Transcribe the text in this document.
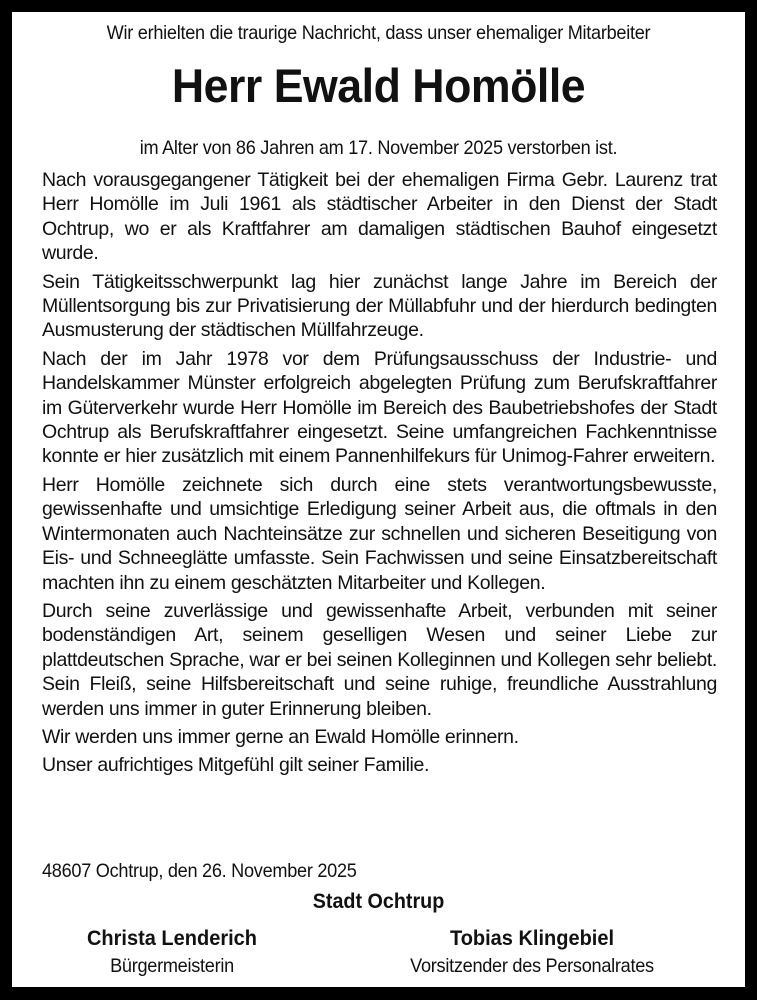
Wir erhielten die traurige Nachricht, dass unser ehemaliger Mitarbeiter
Herr Ewald Homölle
im Alter von 86 Jahren am 17. November 2025 verstorben ist.

Nach vorausgegangener Tätigkeit bei der ehemaligen Firma Gebr. Laurenz trat Herr Homölle im Juli 1961 als städtischer Arbeiter in den Dienst der Stadt Ochtrup, wo er als Kraftfahrer am damaligen städtischen Bauhof eingesetzt wurde.

Sein Tätigkeitsschwerpunkt lag hier zunächst lange Jahre im Bereich der Müllentsorgung bis zur Privatisierung der Müllabfuhr und der hierdurch bedingten Ausmusterung der städtischen Müllfahrzeuge.

Nach der im Jahr 1978 vor dem Prüfungsausschuss der Industrie- und Handelskammer Münster erfolgreich abgelegten Prüfung zum Berufskraftfahrer im Güterverkehr wurde Herr Homölle im Bereich des Baubetriebshofes der Stadt Ochtrup als Berufskraftfahrer eingesetzt. Seine umfangreichen Fachkenntnisse konnte er hier zusätzlich mit einem Pannenhilfekurs für Unimog-Fahrer erweitern.

Herr Homölle zeichnete sich durch eine stets verantwortungsbewusste, gewissenhafte und umsichtige Erledigung seiner Arbeit aus, die oftmals in den Wintermonaten auch Nachteinsätze zur schnellen und sicheren Beseitigung von Eis- und Schneeglätte umfasste. Sein Fachwissen und seine Einsatzbereitschaft machten ihn zu einem geschätzten Mitarbeiter und Kollegen.

Durch seine zuverlässige und gewissenhafte Arbeit, verbunden mit seiner bodenständigen Art, seinem geselligen Wesen und seiner Liebe zur plattdeutschen Sprache, war er bei seinen Kolleginnen und Kollegen sehr beliebt. Sein Fleiß, seine Hilfsbereitschaft und seine ruhige, freundliche Ausstrahlung werden uns immer in guter Erinnerung bleiben.

Wir werden uns immer gerne an Ewald Homölle erinnern.

Unser aufrichtiges Mitgefühl gilt seiner Familie.

48607 Ochtrup, den 26. November 2025
Stadt Ochtrup
Christa Lenderich
Bürgermeisterin
Tobias Klingebiel
Vorsitzender des Personalrates
